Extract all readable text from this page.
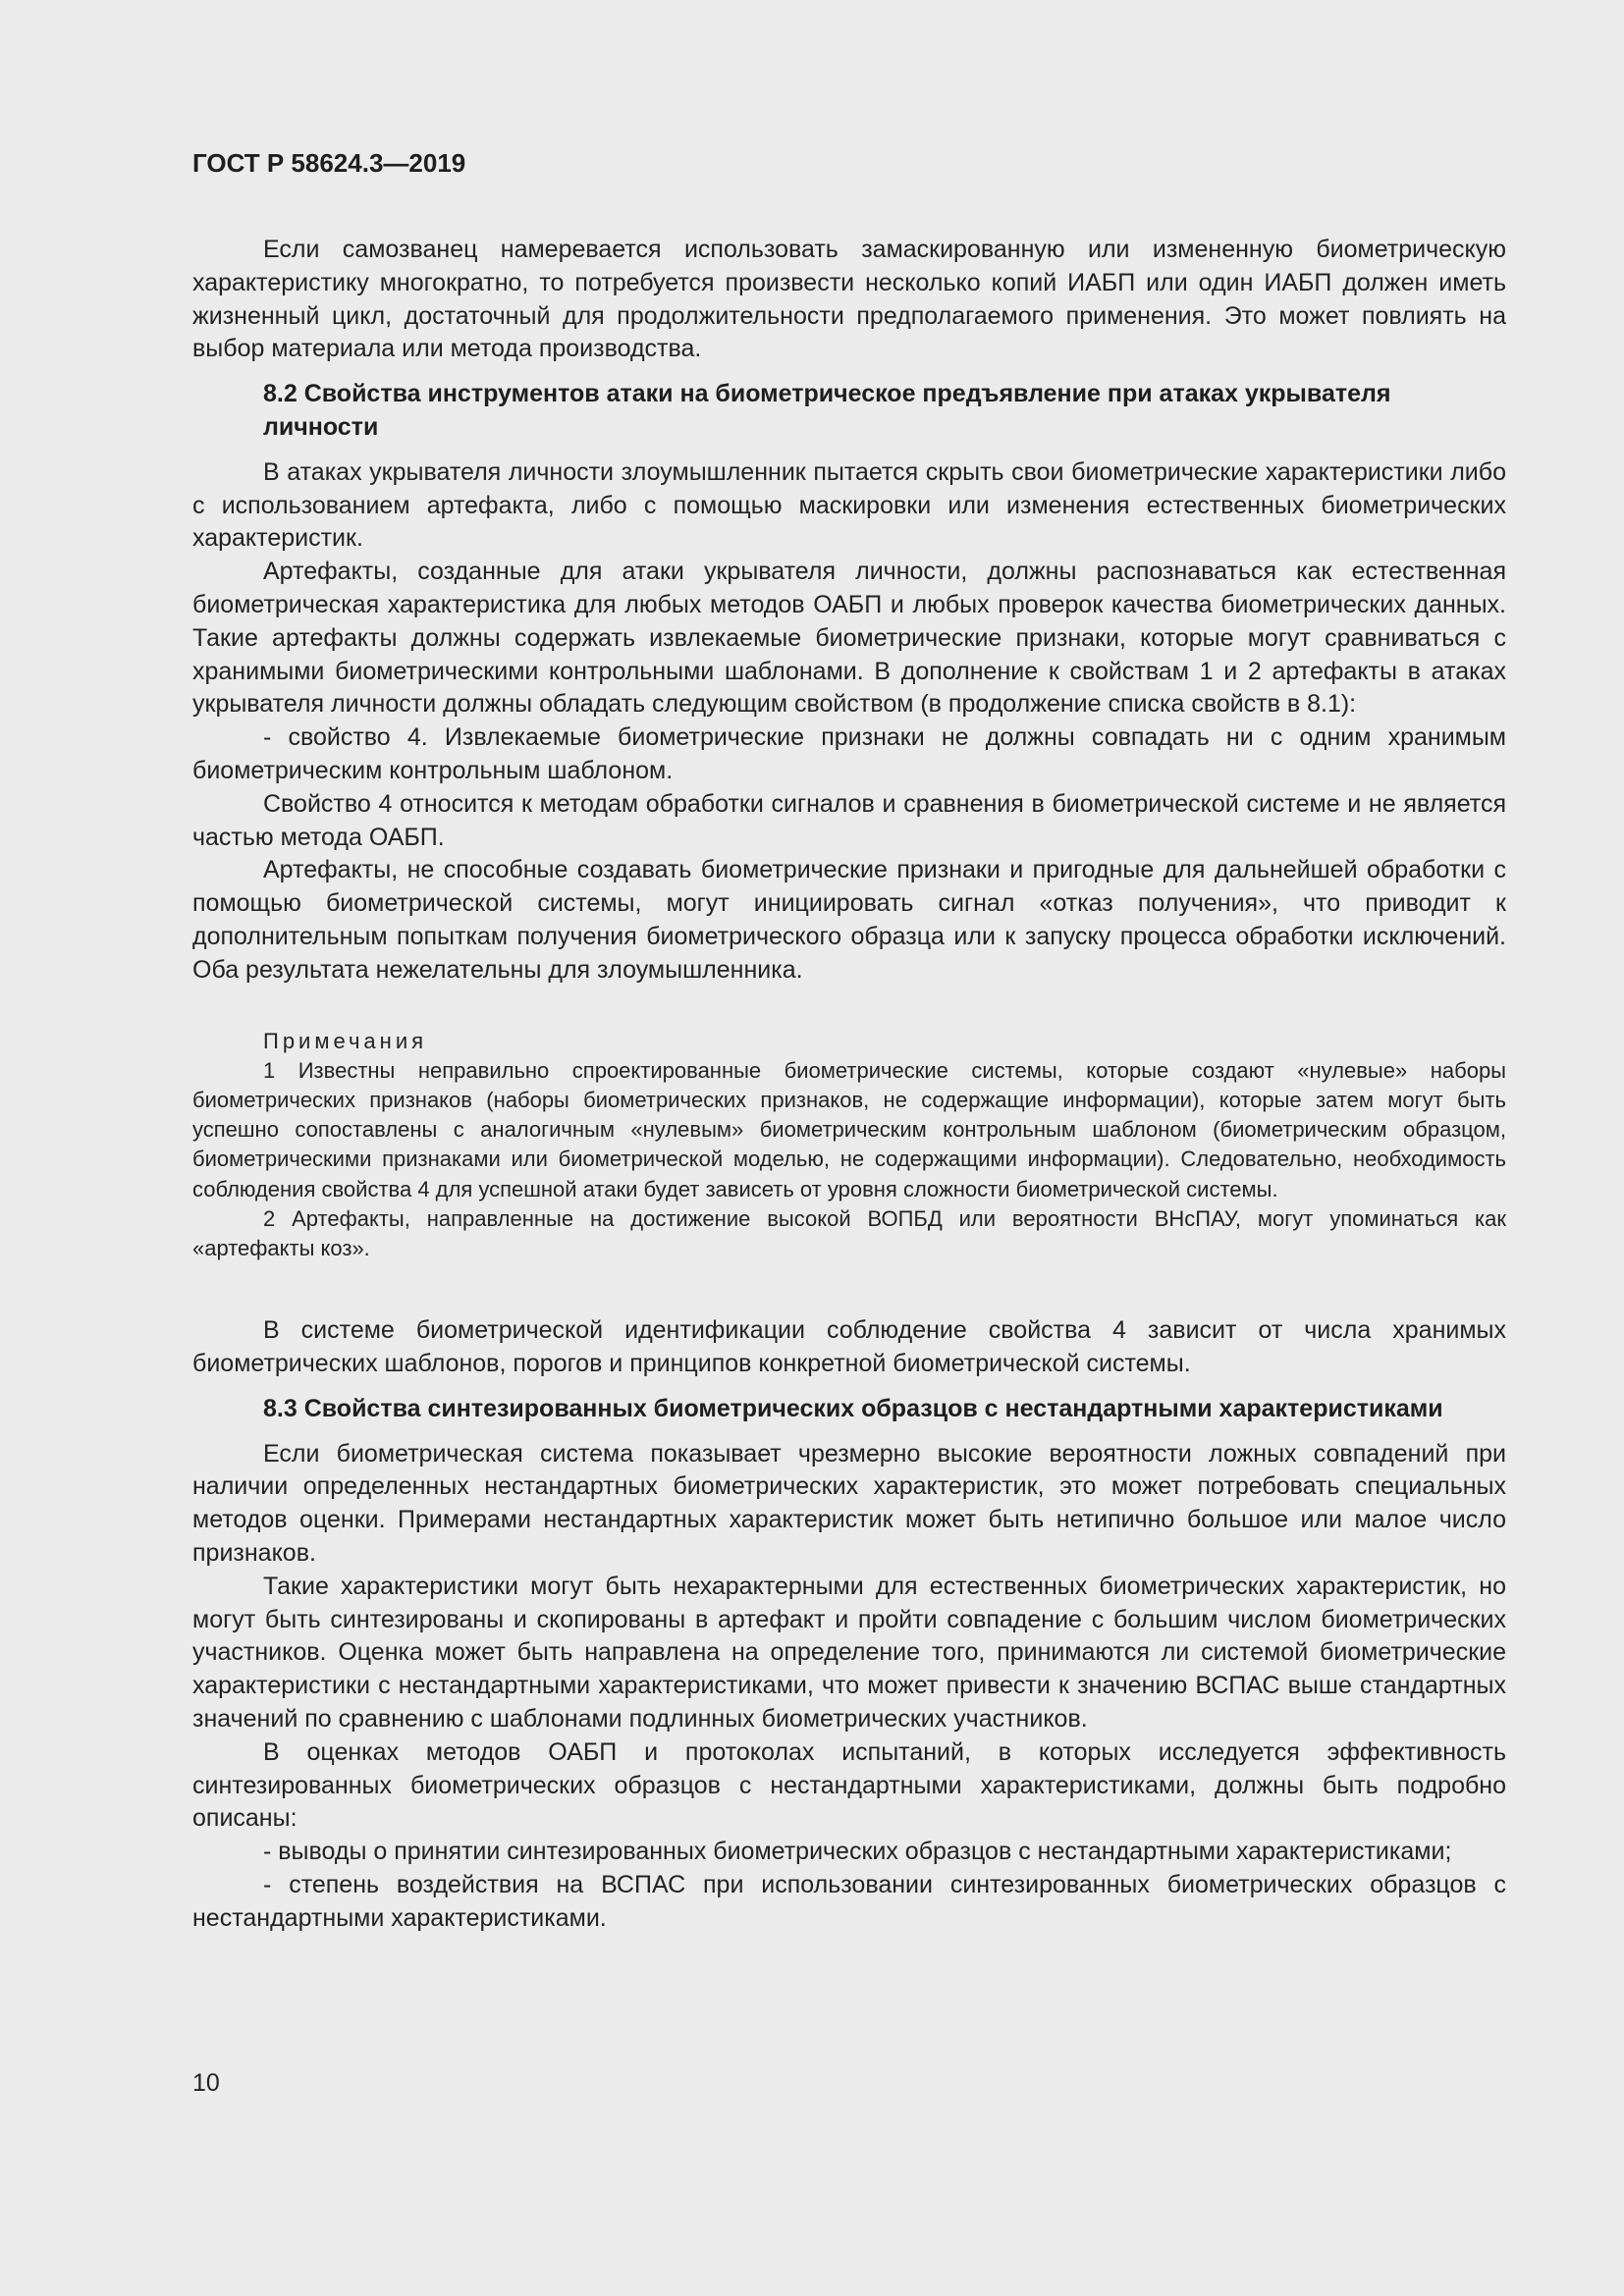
ГОСТ Р 58624.3—2019

Если самозванец намеревается использовать замаскированную или измененную биометрическую характеристику многократно, то потребуется произвести несколько копий ИАБП или один ИАБП должен иметь жизненный цикл, достаточный для продолжительности предполагаемого применения. Это может повлиять на выбор материала или метода производства.

8.2 Свойства инструментов атаки на биометрическое предъявление при атаках укрывателя личности

В атаках укрывателя личности злоумышленник пытается скрыть свои биометрические характеристики либо с использованием артефакта, либо с помощью маскировки или изменения естественных биометрических характеристик.

Артефакты, созданные для атаки укрывателя личности, должны распознаваться как естественная биометрическая характеристика для любых методов ОАБП и любых проверок качества биометрических данных. Такие артефакты должны содержать извлекаемые биометрические признаки, которые могут сравниваться с хранимыми биометрическими контрольными шаблонами. В дополнение к свойствам 1 и 2 артефакты в атаках укрывателя личности должны обладать следующим свойством (в продолжение списка свойств в 8.1):

- свойство 4. Извлекаемые биометрические признаки не должны совпадать ни с одним хранимым биометрическим контрольным шаблоном.

Свойство 4 относится к методам обработки сигналов и сравнения в биометрической системе и не является частью метода ОАБП.

Артефакты, не способные создавать биометрические признаки и пригодные для дальнейшей обработки с помощью биометрической системы, могут инициировать сигнал «отказ получения», что приводит к дополнительным попыткам получения биометрического образца или к запуску процесса обработки исключений. Оба результата нежелательны для злоумышленника.

Примечания

1 Известны неправильно спроектированные биометрические системы, которые создают «нулевые» наборы биометрических признаков (наборы биометрических признаков, не содержащие информации), которые затем могут быть успешно сопоставлены с аналогичным «нулевым» биометрическим контрольным шаблоном (биометрическим образцом, биометрическими признаками или биометрической моделью, не содержащими информации). Следовательно, необходимость соблюдения свойства 4 для успешной атаки будет зависеть от уровня сложности биометрической системы.

2 Артефакты, направленные на достижение высокой ВОПБД или вероятности ВНсПАУ, могут упоминаться как «артефакты коз».

В системе биометрической идентификации соблюдение свойства 4 зависит от числа хранимых биометрических шаблонов, порогов и принципов конкретной биометрической системы.

8.3 Свойства синтезированных биометрических образцов с нестандартными характеристиками

Если биометрическая система показывает чрезмерно высокие вероятности ложных совпадений при наличии определенных нестандартных биометрических характеристик, это может потребовать специальных методов оценки. Примерами нестандартных характеристик может быть нетипично большое или малое число признаков.

Такие характеристики могут быть нехарактерными для естественных биометрических характеристик, но могут быть синтезированы и скопированы в артефакт и пройти совпадение с большим числом биометрических участников. Оценка может быть направлена на определение того, принимаются ли системой биометрические характеристики с нестандартными характеристиками, что может привести к значению ВСПАС выше стандартных значений по сравнению с шаблонами подлинных биометрических участников.

В оценках методов ОАБП и протоколах испытаний, в которых исследуется эффективность синтезированных биометрических образцов с нестандартными характеристиками, должны быть подробно описаны:

- выводы о принятии синтезированных биометрических образцов с нестандартными характеристиками;

- степень воздействия на ВСПАС при использовании синтезированных биометрических образцов с нестандартными характеристиками.

10
